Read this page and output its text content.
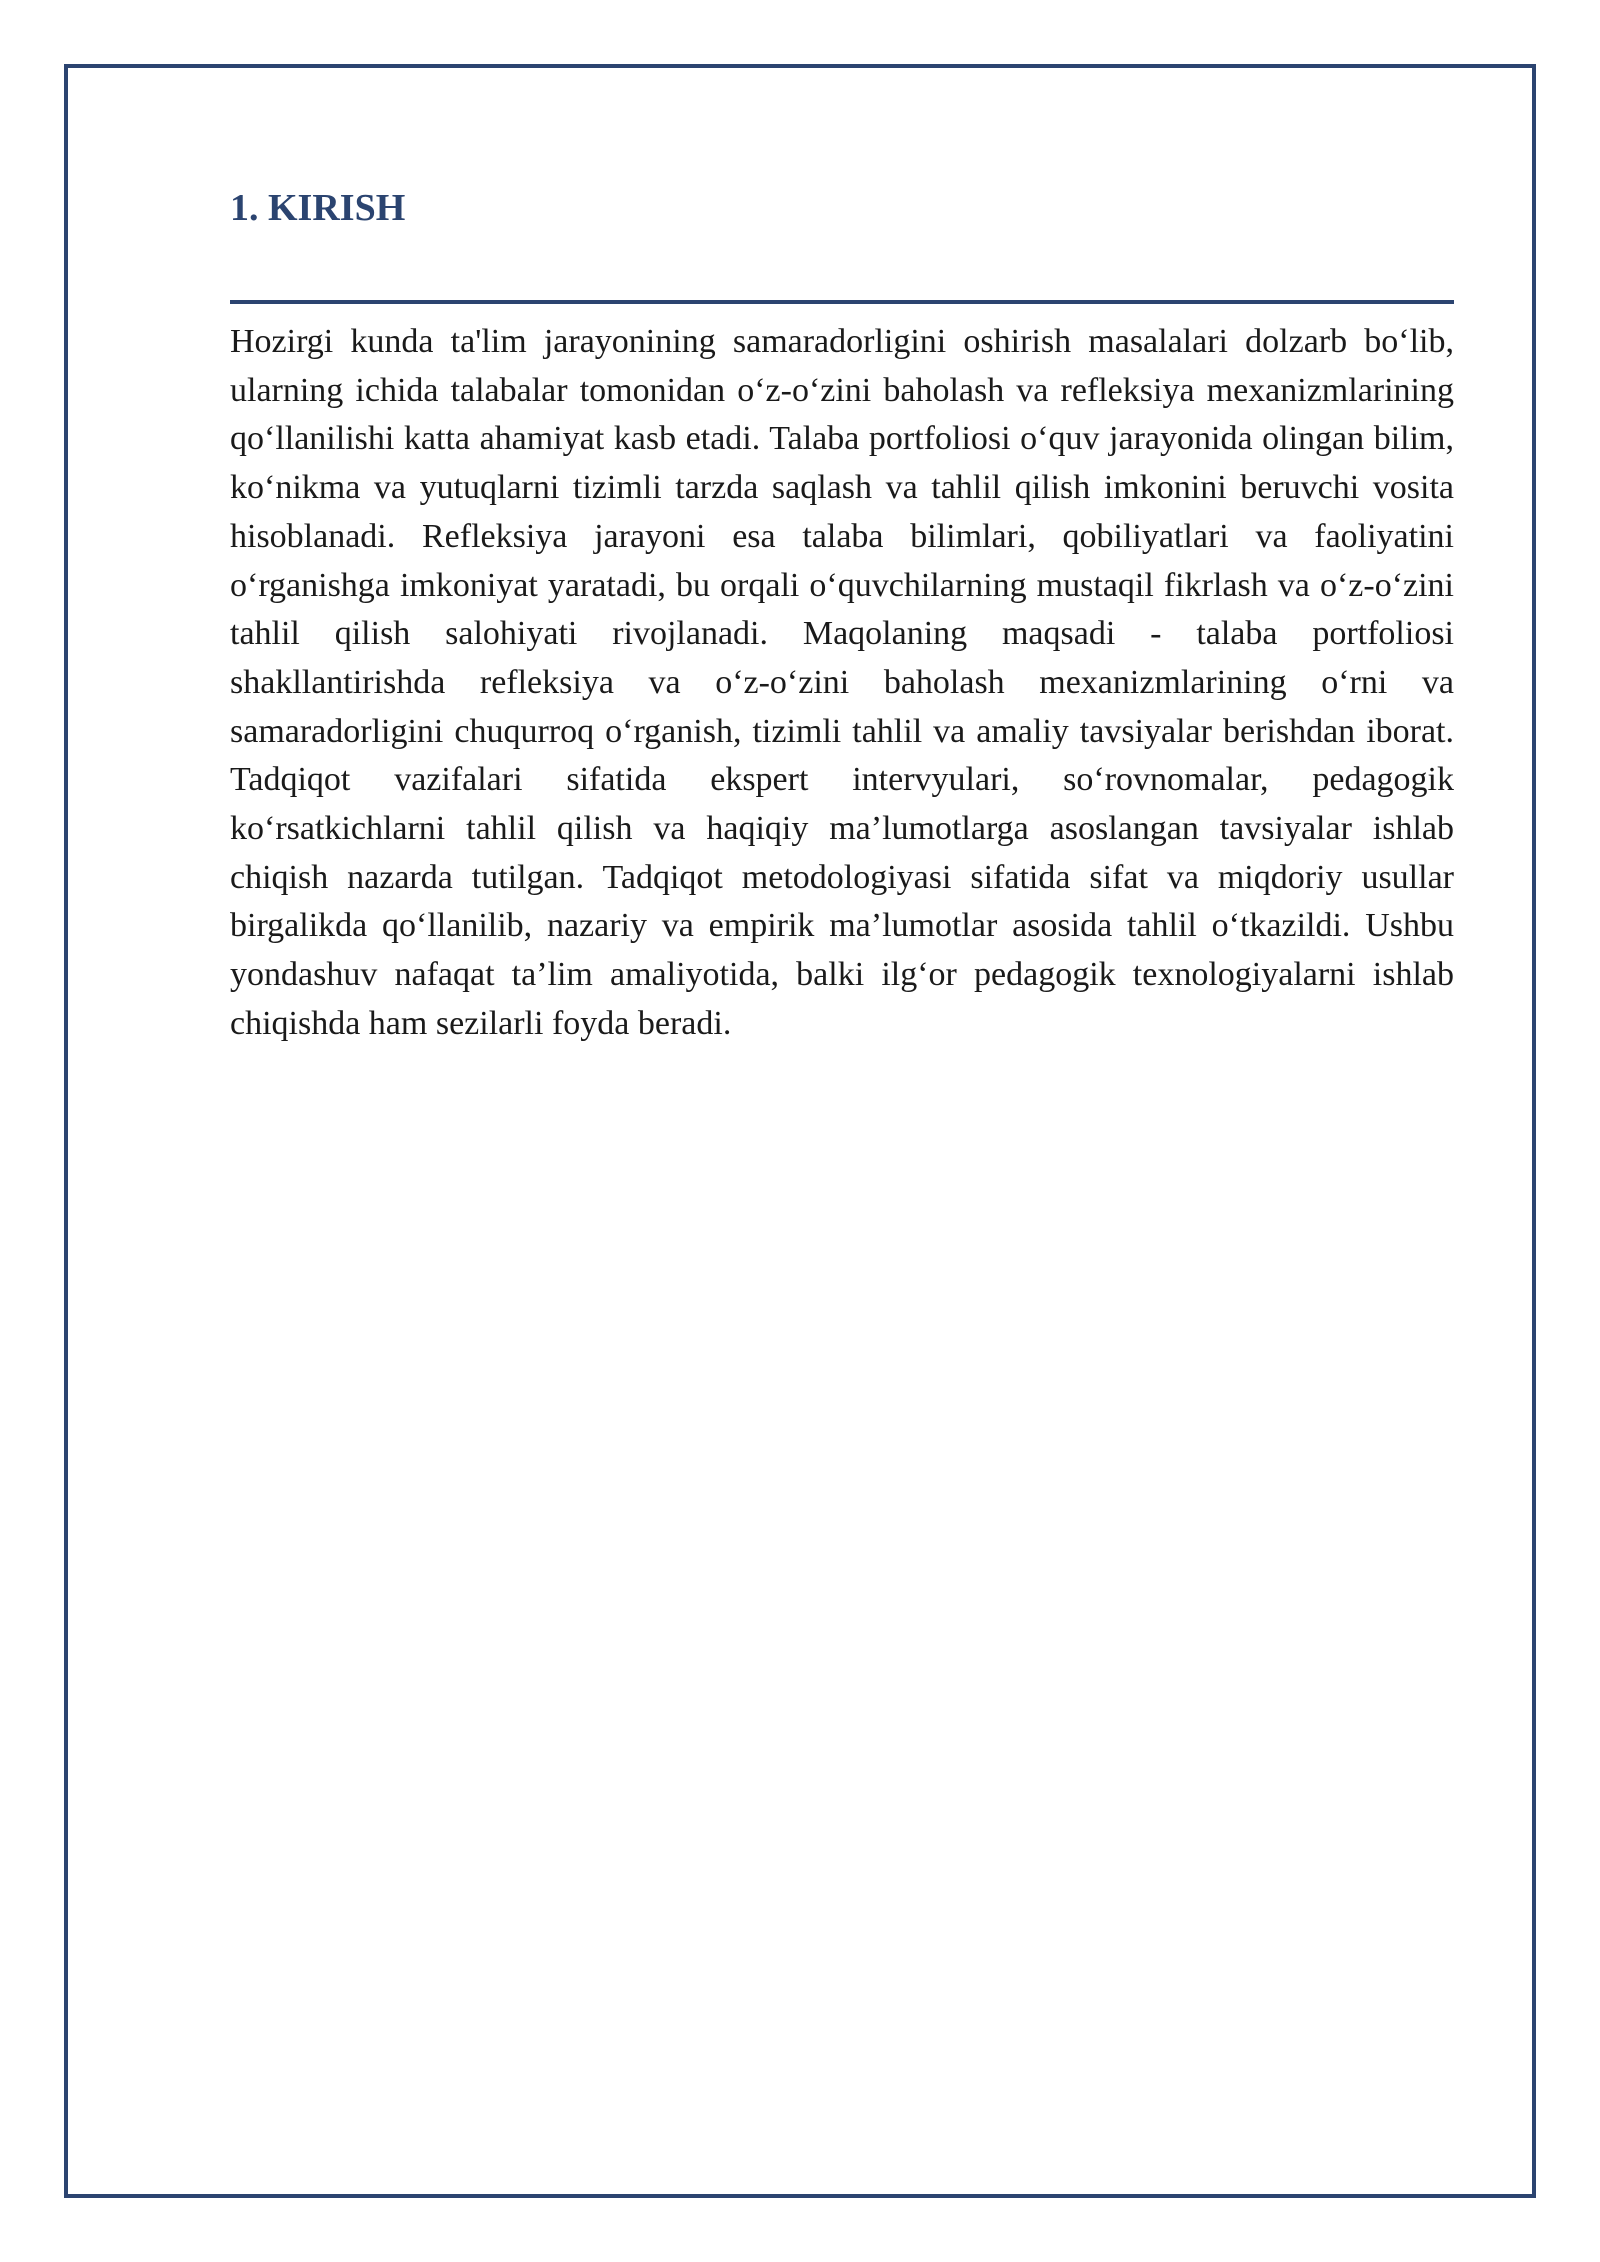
1. KIRISH

Hozirgi kunda ta'lim jarayonining samaradorligini oshirish masalalari dolzarb bo‘lib, ularning ichida talabalar tomonidan o‘z-o‘zini baholash va refleksiya mexanizmlarining qo‘llanilishi katta ahamiyat kasb etadi. Talaba portfoliosi o‘quv jarayonida olingan bilim, ko‘nikma va yutuqlarni tizimli tarzda saqlash va tahlil qilish imkonini beruvchi vosita hisoblanadi. Refleksiya jarayoni esa talaba bilimlari, qobiliyatlari va faoliyatini o‘rganishga imkoniyat yaratadi, bu orqali o‘quvchilarning mustaqil fikrlash va o‘z-o‘zini tahlil qilish salohiyati rivojlanadi. Maqolaning maqsadi - talaba portfoliosi shakllantirishda refleksiya va o‘z-o‘zini baholash mexanizmlarining o‘rni va samaradorligini chuqurroq o‘rganish, tizimli tahlil va amaliy tavsiyalar berishdan iborat. Tadqiqot vazifalari sifatida ekspert intervyulari, so‘rovnomalar, pedagogik ko‘rsatkichlarni tahlil qilish va haqiqiy ma’lumotlarga asoslangan tavsiyalar ishlab chiqish nazarda tutilgan. Tadqiqot metodologiyasi sifatida sifat va miqdoriy usullar birgalikda qo‘llanilib, nazariy va empirik ma’lumotlar asosida tahlil o‘tkazildi. Ushbu yondashuv nafaqat ta’lim amaliyotida, balki ilg‘or pedagogik texnologiyalarni ishlab chiqishda ham sezilarli foyda beradi.
